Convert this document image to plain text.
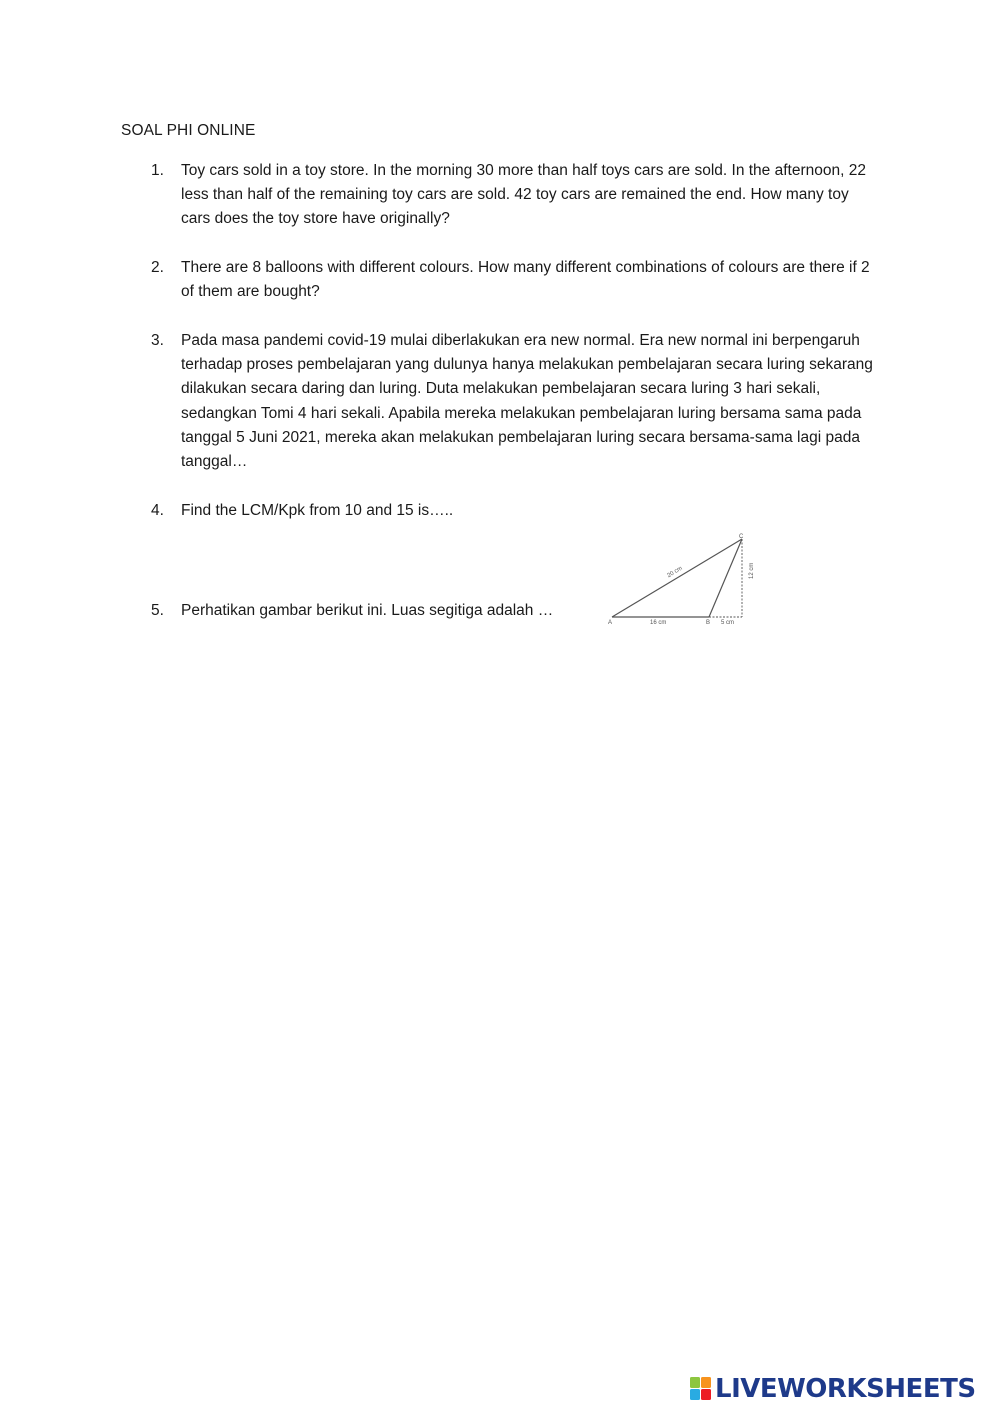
SOAL PHI ONLINE
1.	Toy cars sold in a toy store. In the morning 30 more than half toys cars are sold. In the afternoon, 22 less than half of the remaining toy cars are sold. 42 toy cars are remained the end. How many toy cars does the toy store have originally?
2.	There are 8 balloons with different colours. How many different combinations of colours are there if 2 of them are bought?
3.	Pada masa pandemi covid-19 mulai diberlakukan era new normal. Era new normal ini berpengaruh terhadap proses pembelajaran yang dulunya hanya melakukan pembelajaran secara luring sekarang dilakukan secara daring dan luring. Duta melakukan pembelajaran secara luring 3 hari sekali, sedangkan Tomi 4 hari sekali. Apabila mereka melakukan pembelajaran luring bersama sama pada tanggal 5 Juni 2021, mereka akan melakukan pembelajaran luring secara bersama-sama lagi pada tanggal…
4.	Find the LCM/Kpk from 10 and 15 is…..
5.	Perhatikan gambar berikut ini. Luas segitiga adalah …
A	B
C
20 cm
16 cm	5 cm
12 cm
LIVEWORKSHEETS
